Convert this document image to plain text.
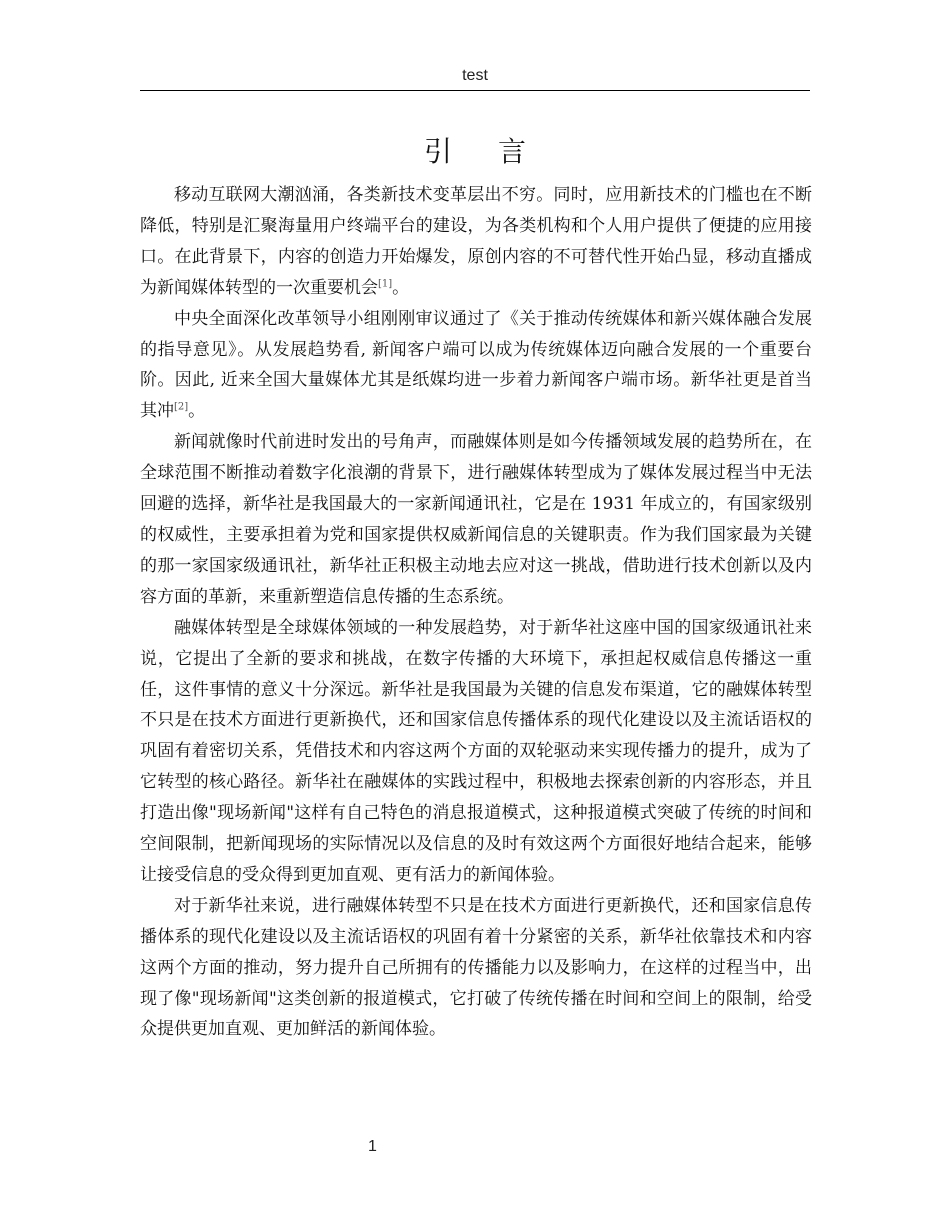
test
引言

移动互联网大潮汹涌，各类新技术变革层出不穷。同时，应用新技术的门槛也在不断降低，特别是汇聚海量用户终端平台的建设，为各类机构和个人用户提供了便捷的应用接口。在此背景下，内容的创造力开始爆发，原创内容的不可替代性开始凸显，移动直播成为新闻媒体转型的一次重要机会[1]。

中央全面深化改革领导小组刚刚审议通过了《关于推动传统媒体和新兴媒体融合发展的指导意见》。从发展趋势看, 新闻客户端可以成为传统媒体迈向融合发展的一个重要台阶。因此, 近来全国大量媒体尤其是纸媒均进一步着力新闻客户端市场。新华社更是首当其冲[2]。

新闻就像时代前进时发出的号角声，而融媒体则是如今传播领域发展的趋势所在，在全球范围不断推动着数字化浪潮的背景下，进行融媒体转型成为了媒体发展过程当中无法回避的选择，新华社是我国最大的一家新闻通讯社，它是在 1931 年成立的，有国家级别的权威性，主要承担着为党和国家提供权威新闻信息的关键职责。作为我们国家最为关键的那一家国家级通讯社，新华社正积极主动地去应对这一挑战，借助进行技术创新以及内容方面的革新，来重新塑造信息传播的生态系统。

融媒体转型是全球媒体领域的一种发展趋势，对于新华社这座中国的国家级通讯社来说，它提出了全新的要求和挑战，在数字传播的大环境下，承担起权威信息传播这一重任，这件事情的意义十分深远。新华社是我国最为关键的信息发布渠道，它的融媒体转型不只是在技术方面进行更新换代，还和国家信息传播体系的现代化建设以及主流话语权的巩固有着密切关系，凭借技术和内容这两个方面的双轮驱动来实现传播力的提升，成为了它转型的核心路径。新华社在融媒体的实践过程中，积极地去探索创新的内容形态，并且打造出像"现场新闻"这样有自己特色的消息报道模式，这种报道模式突破了传统的时间和空间限制，把新闻现场的实际情况以及信息的及时有效这两个方面很好地结合起来，能够让接受信息的受众得到更加直观、更有活力的新闻体验。

对于新华社来说，进行融媒体转型不只是在技术方面进行更新换代，还和国家信息传播体系的现代化建设以及主流话语权的巩固有着十分紧密的关系，新华社依靠技术和内容这两个方面的推动，努力提升自己所拥有的传播能力以及影响力，在这样的过程当中，出现了像"现场新闻"这类创新的报道模式，它打破了传统传播在时间和空间上的限制，给受众提供更加直观、更加鲜活的新闻体验。

1
